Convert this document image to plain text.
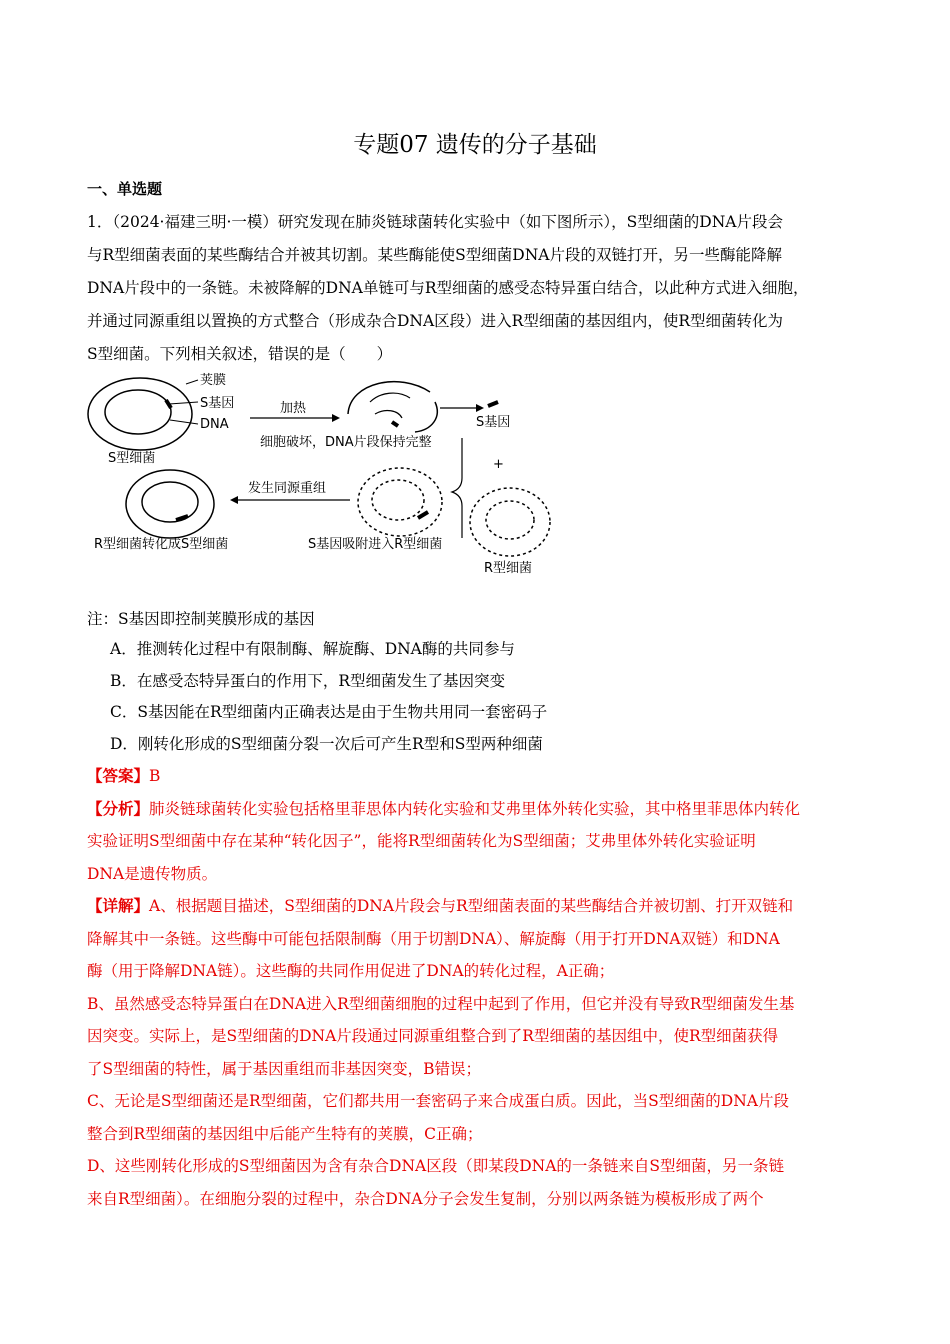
专题07 遗传的分子基础
一、单选题
1．（2024·福建三明·一模）研究发现在肺炎链球菌转化实验中（如下图所示），S型细菌的DNA片段会
与R型细菌表面的某些酶结合并被其切割。某些酶能使S型细菌DNA片段的双链打开，另一些酶能降解
DNA片段中的一条链。未被降解的DNA单链可与R型细菌的感受态特异蛋白结合，以此种方式进入细胞，
并通过同源重组以置换的方式整合（形成杂合DNA区段）进入R型细菌的基因组内，使R型细菌转化为
S型细菌。下列相关叙述，错误的是（　　）
荚膜
S基因
DNA
S型细菌
加热
细胞破坏，DNA片段保持完整
S基因
+
R型细菌
S基因吸附进入R型细菌
发生同源重组
R型细菌转化成S型细菌
注：S基因即控制荚膜形成的基因
A．推测转化过程中有限制酶、解旋酶、DNA酶的共同参与
B．在感受态特异蛋白的作用下，R型细菌发生了基因突变
C．S基因能在R型细菌内正确表达是由于生物共用同一套密码子
D．刚转化形成的S型细菌分裂一次后可产生R型和S型两种细菌
【答案】B
【分析】肺炎链球菌转化实验包括格里菲思体内转化实验和艾弗里体外转化实验，其中格里菲思体内转化
实验证明S型细菌中存在某种“转化因子”，能将R型细菌转化为S型细菌；艾弗里体外转化实验证明
DNA是遗传物质。
【详解】A、根据题目描述，S型细菌的DNA片段会与R型细菌表面的某些酶结合并被切割、打开双链和
降解其中一条链。这些酶中可能包括限制酶（用于切割DNA）、解旋酶（用于打开DNA双链）和DNA
酶（用于降解DNA链）。这些酶的共同作用促进了DNA的转化过程，A正确；
B、虽然感受态特异蛋白在DNA进入R型细菌细胞的过程中起到了作用，但它并没有导致R型细菌发生基
因突变。实际上，是S型细菌的DNA片段通过同源重组整合到了R型细菌的基因组中，使R型细菌获得
了S型细菌的特性，属于基因重组而非基因突变，B错误；
C、无论是S型细菌还是R型细菌，它们都共用一套密码子来合成蛋白质。因此，当S型细菌的DNA片段
整合到R型细菌的基因组中后能产生特有的荚膜，C正确；
D、这些刚转化形成的S型细菌因为含有杂合DNA区段（即某段DNA的一条链来自S型细菌，另一条链
来自R型细菌）。在细胞分裂的过程中，杂合DNA分子会发生复制，分别以两条链为模板形成了两个
